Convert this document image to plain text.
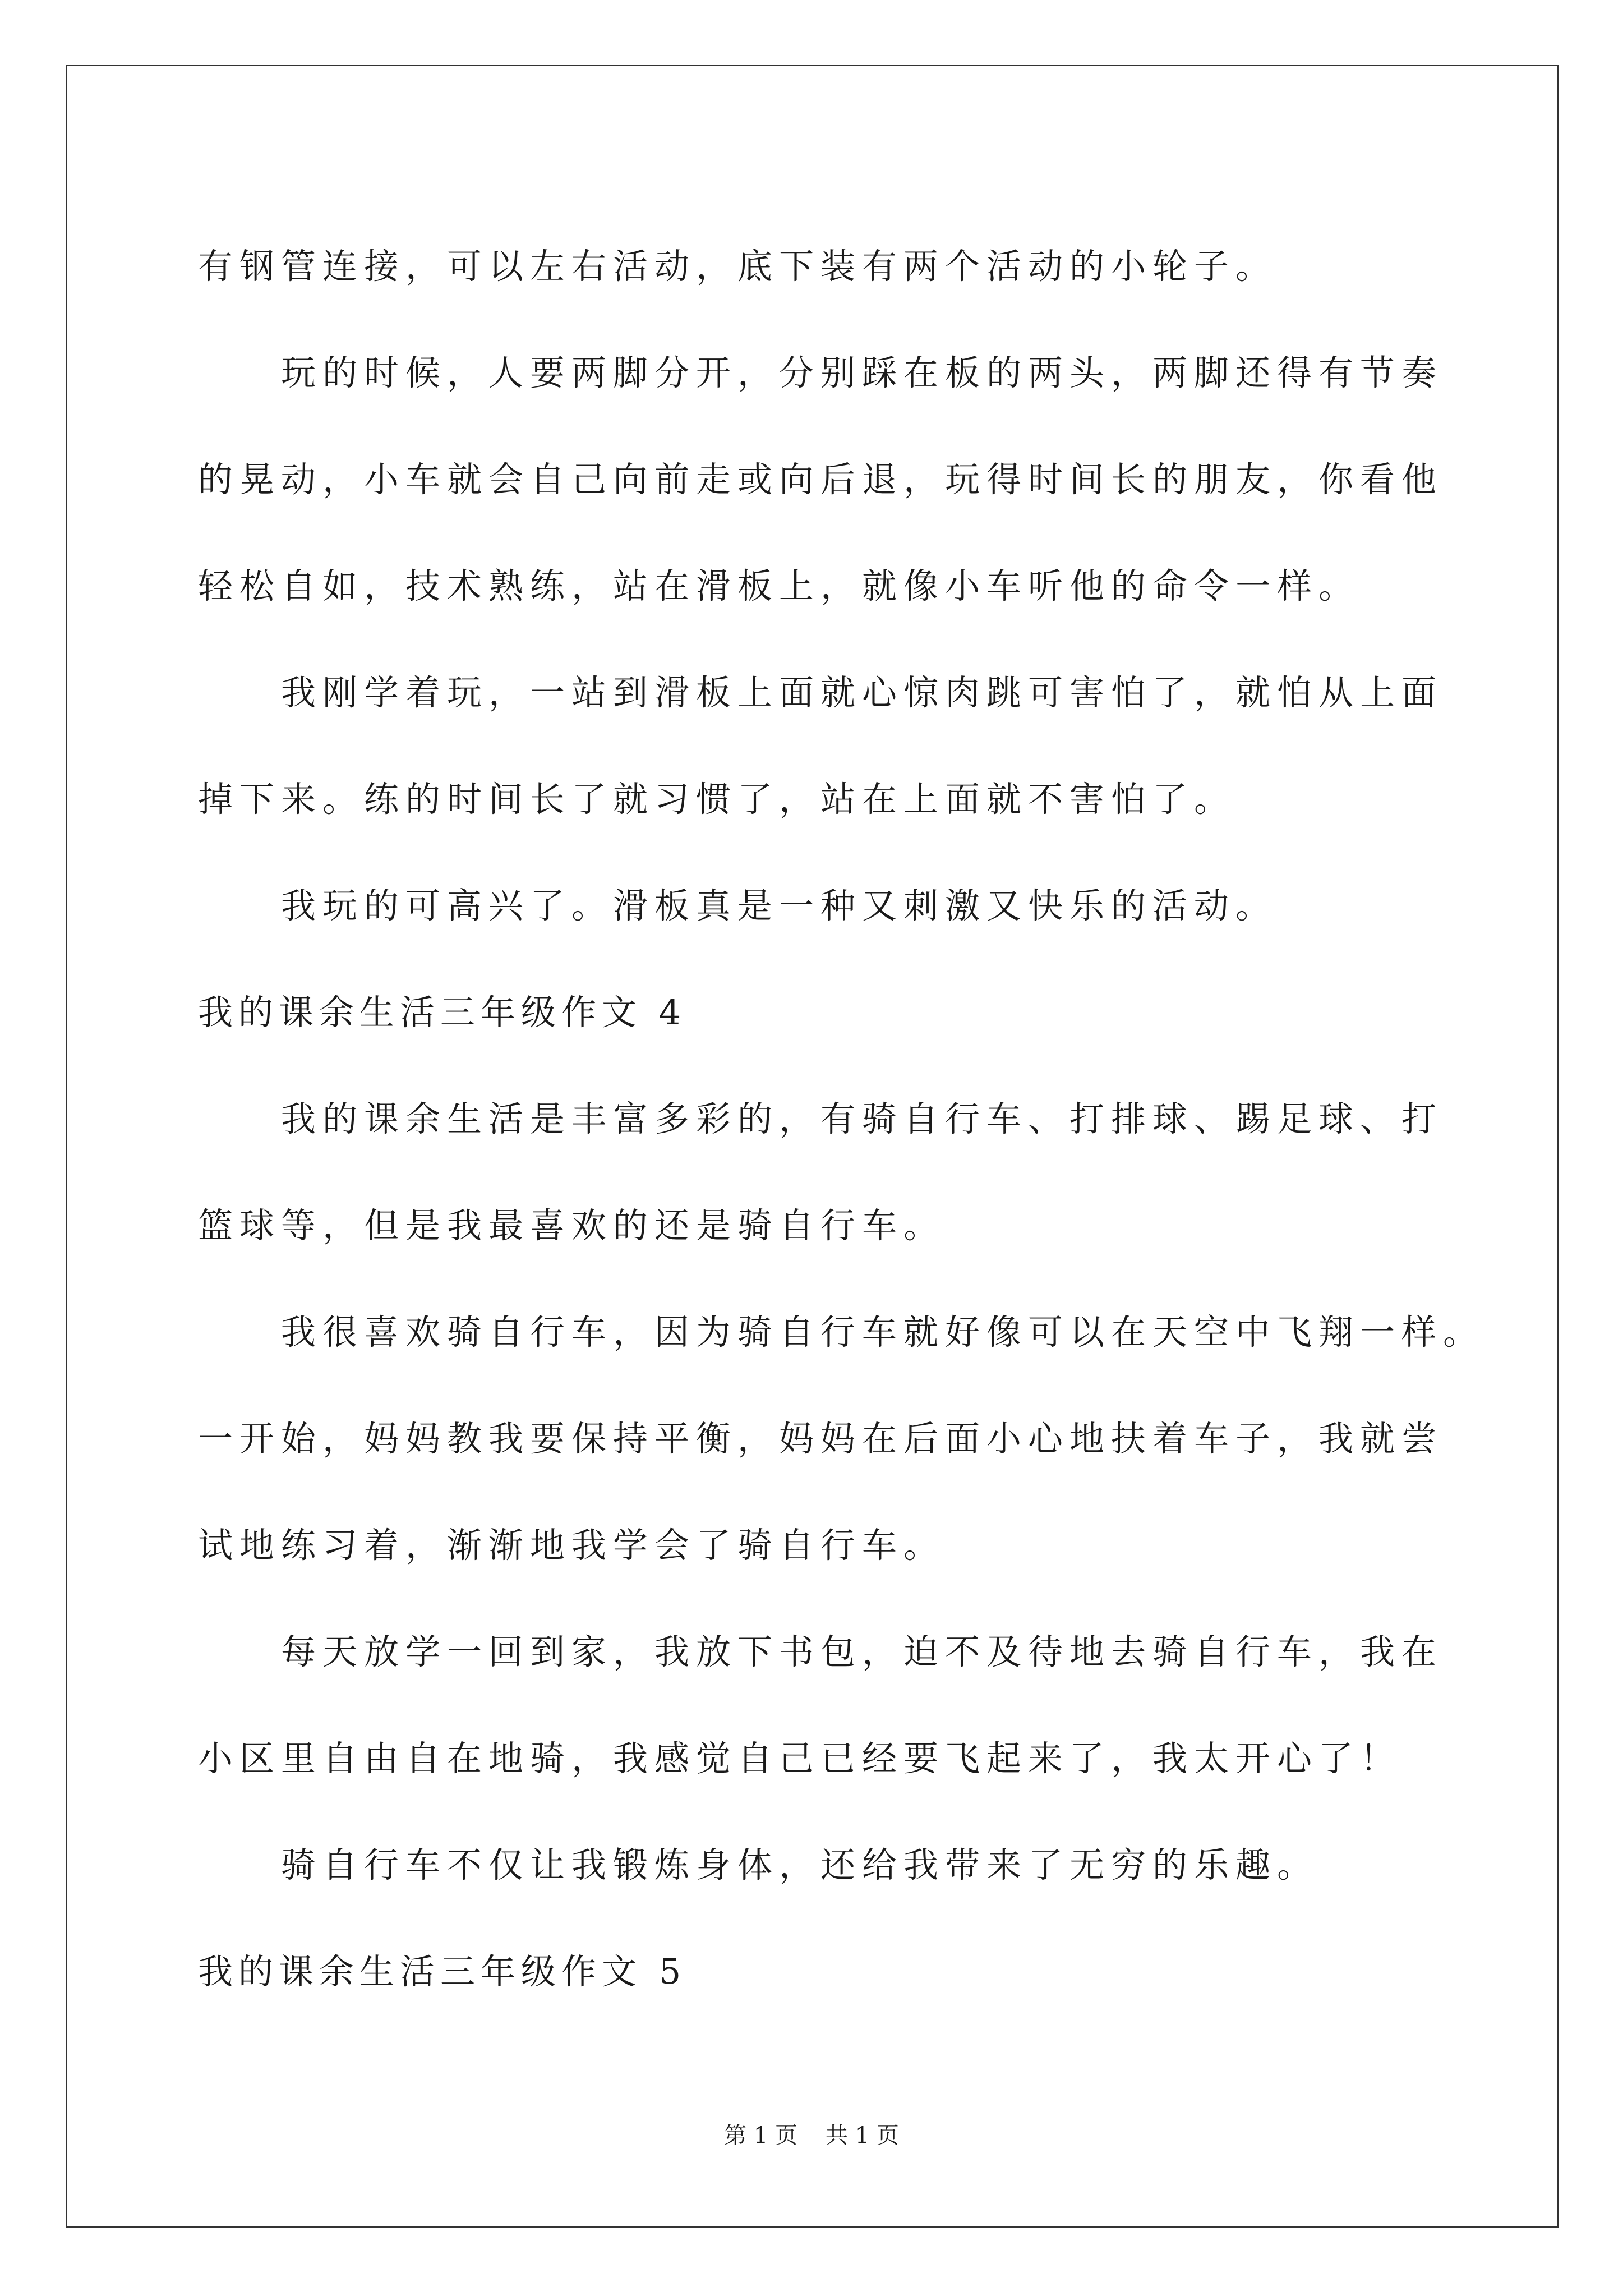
有钢管连接，可以左右活动，底下装有两个活动的小轮子。

　　玩的时候，人要两脚分开，分别踩在板的两头，两脚还得有节奏

的晃动，小车就会自己向前走或向后退，玩得时间长的朋友，你看他

轻松自如，技术熟练，站在滑板上，就像小车听他的命令一样。

　　我刚学着玩，一站到滑板上面就心惊肉跳可害怕了，就怕从上面

掉下来。练的时间长了就习惯了，站在上面就不害怕了。

　　我玩的可高兴了。滑板真是一种又刺激又快乐的活动。

我的课余生活三年级作文 4

　　我的课余生活是丰富多彩的，有骑自行车、打排球、踢足球、打

篮球等，但是我最喜欢的还是骑自行车。

　　我很喜欢骑自行车，因为骑自行车就好像可以在天空中飞翔一样。

一开始，妈妈教我要保持平衡，妈妈在后面小心地扶着车子，我就尝

试地练习着，渐渐地我学会了骑自行车。

　　每天放学一回到家，我放下书包，迫不及待地去骑自行车，我在

小区里自由自在地骑，我感觉自己已经要飞起来了，我太开心了！

　　骑自行车不仅让我锻炼身体，还给我带来了无穷的乐趣。

我的课余生活三年级作文 5

第 1 页 共 1 页
